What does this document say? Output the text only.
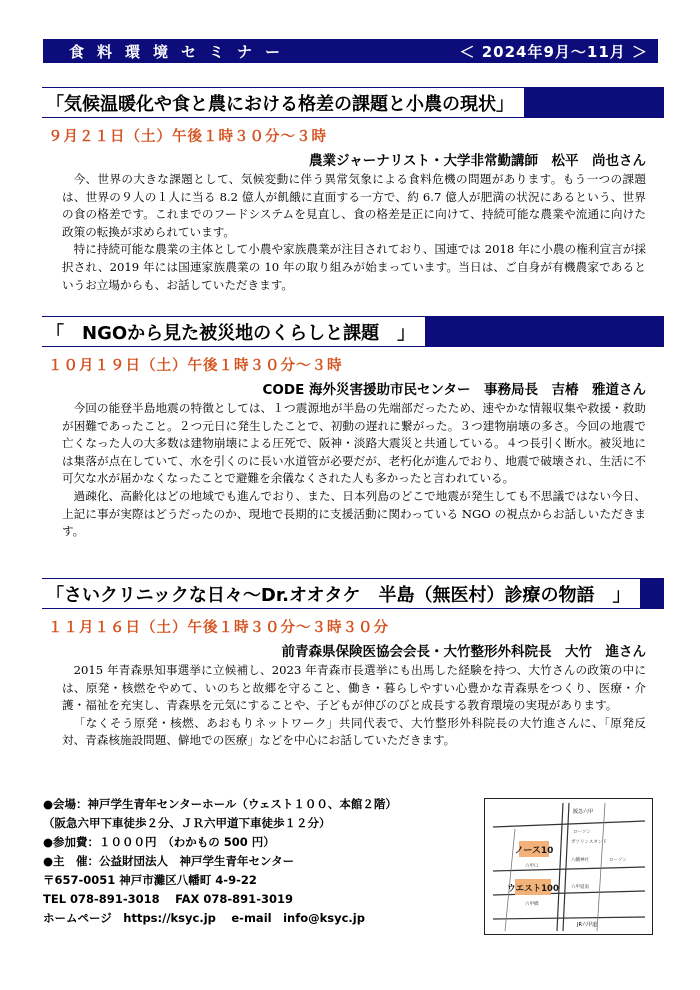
食料環境セミナー	＜ 2024年9月～11月 ＞
「気候温暖化や食と農における格差の課題と小農の現状」
９月２１日（土）午後１時３０分～３時
農業ジャーナリスト・大学非常勤講師　松平　尚也さん

今、世界の大きな課題として、気候変動に伴う異常気象による食料危機の問題があります。もう一つの課題は、世界の９人の１人に当る 8.2 億人が飢餓に直面する一方で、約 6.7 億人が肥満の状況にあるという、世界の食の格差です。これまでのフードシステムを見直し、食の格差是正に向けて、持続可能な農業や流通に向けた政策の転換が求められています。

特に持続可能な農業の主体として小農や家族農業が注目されており、国連では 2018 年に小農の権利宣言が採択され、2019 年には国連家族農業の 10 年の取り組みが始まっています。当日は、ご自身が有機農家であるというお立場からも、お話していただきます。

「　NGOから見た被災地のくらしと課題　」
１０月１９日（土）午後１時３０分～３時
CODE 海外災害援助市民センター　事務局長　吉椿　雅道さん

今回の能登半島地震の特徴としては、１つ震源地が半島の先端部だったため、速やかな情報収集や救援・救助が困難であったこと。２つ元日に発生したことで、初動の遅れに繋がった。３つ建物崩壊の多さ。今回の地震で亡くなった人の大多数は建物崩壊による圧死で、阪神・淡路大震災と共通している。４つ長引く断水。被災地には集落が点在していて、水を引くのに長い水道管が必要だが、老朽化が進んでおり、地震で破壊され、生活に不可欠な水が届かなくなったことで避難を余儀なくされた人も多かったと言われている。

過疎化、高齢化はどの地域でも進んでおり、また、日本列島のどこで地震が発生しても不思議ではない今日、上記に事が実際はどうだったのか、現地で長期的に支援活動に関わっている NGO の視点からお話しいただきます。

「さいクリニックな日々～Dr.オオタケ　半島（無医村）診療の物語　」
１１月１６日（土）午後１時３０分～３時３０分
前青森県保険医協会会長・大竹整形外科院長　大竹　進さん

2015 年青森県知事選挙に立候補し、2023 年青森市長選挙にも出馬した経験を持つ、大竹さんの政策の中には、原発・核燃をやめて、いのちと故郷を守ること、働き・暮らしやすい心豊かな青森県をつくり、医療・介護・福祉を充実し、青森県を元気にすることや、子どもが伸びのびと成長する教育環境の実現があります。

「なくそう原発・核燃、あおもりネットワーク」共同代表で、大竹整形外科院長の大竹進さんに、「原発反対、青森核施設問題、僻地での医療」などを中心にお話していただきます。

●会場：神戸学生青年センターホール（ウェスト１００、本館２階）
（阪急六甲下車徒歩２分、ＪＲ六甲道下車徒歩１２分）
●参加費：１０００円　（わかもの 500 円）
●主　催：公益財団法人　神戸学生青年センター
〒657-0051 神戸市灘区八幡町 4-9-22
TEL 078-891-3018　 FAX 078-891-3019
ホームページ　https://ksyc.jp　 e-mail　info@ksyc.jp
ノース10
ウエスト100
阪急六甲
JR六甲道
ローソン
ガソリンスタンド
八幡神社	ローソン
六甲口
六甲道南
六甲橋
